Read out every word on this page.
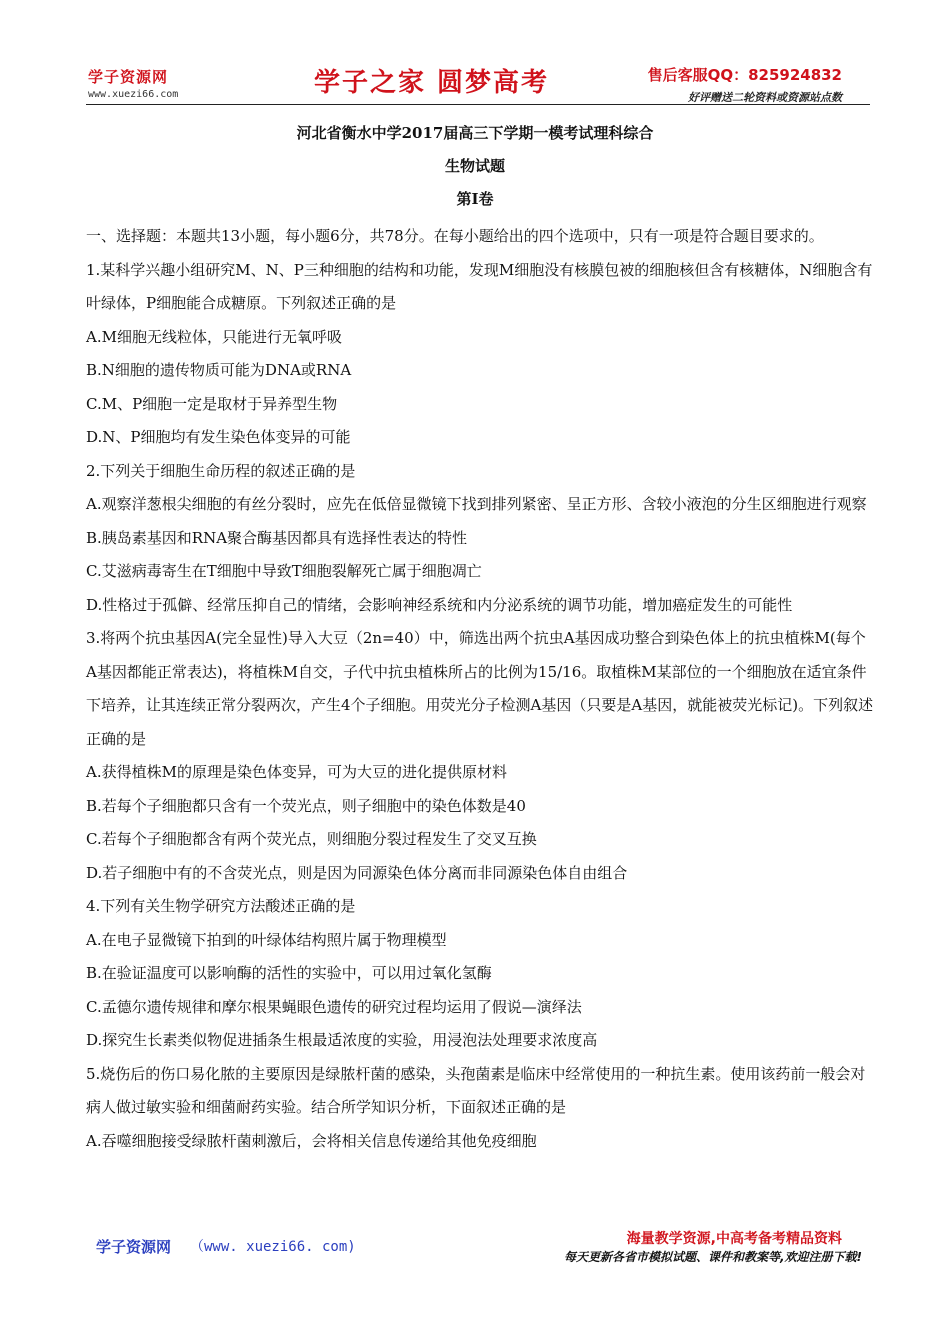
学子资源网
www.xuezi66.com	学子之家 圆梦高考	售后客服QQ：825924832
好评赠送二轮资料或资源站点数
河北省衡水中学2017届高三下学期一模考试理科综合
生物试题
第I卷

一、选择题：本题共13小题，每小题6分，共78分。在每小题给出的四个选项中，只有一项是符合题目要求的。

1.某科学兴趣小组研究M、N、P三种细胞的结构和功能，发现M细胞没有核膜包被的细胞核但含有核糖体，N细胞含有叶绿体，P细胞能合成糖原。下列叙述正确的是

A.M细胞无线粒体，只能进行无氧呼吸

B.N细胞的遗传物质可能为DNA或RNA

C.M、P细胞一定是取材于异养型生物

D.N、P细胞均有发生染色体变异的可能

2.下列关于细胞生命历程的叙述正确的是

A.观察洋葱根尖细胞的有丝分裂时，应先在低倍显微镜下找到排列紧密、呈正方形、含较小液泡的分生区细胞进行观察

B.胰岛素基因和RNA聚合酶基因都具有选择性表达的特性

C.艾滋病毒寄生在T细胞中导致T细胞裂解死亡属于细胞凋亡

D.性格过于孤僻、经常压抑自己的情绪，会影响神经系统和内分泌系统的调节功能，增加癌症发生的可能性

3.将两个抗虫基因A(完全显性)导入大豆（2n=40）中，筛选出两个抗虫A基因成功整合到染色体上的抗虫植株M(每个A基因都能正常表达)，将植株M自交，子代中抗虫植株所占的比例为15/16。取植株M某部位的一个细胞放在适宜条件下培养，让其连续正常分裂两次，产生4个子细胞。用荧光分子检测A基因（只要是A基因，就能被荧光标记)。下列叙述正确的是

A.获得植株M的原理是染色体变异，可为大豆的进化提供原材料

B.若每个子细胞都只含有一个荧光点，则子细胞中的染色体数是40

C.若每个子细胞都含有两个荧光点，则细胞分裂过程发生了交叉互换

D.若子细胞中有的不含荧光点，则是因为同源染色体分离而非同源染色体自由组合

4.下列有关生物学研究方法酸述正确的是

A.在电子显微镜下拍到的叶绿体结构照片属于物理模型

B.在验证温度可以影响酶的活性的实验中，可以用过氧化氢酶

C.孟德尔遗传规律和摩尔根果蝇眼色遗传的研究过程均运用了假说—演绎法

D.探究生长素类似物促进插条生根最适浓度的实验，用浸泡法处理要求浓度高

5.烧伤后的伤口易化脓的主要原因是绿脓杆菌的感染，头孢菌素是临床中经常使用的一种抗生素。使用该药前一般会对病人做过敏实验和细菌耐药实验。结合所学知识分析，下面叙述正确的是

A.吞噬细胞接受绿脓杆菌刺激后，会将相关信息传递给其他免疫细胞

学子资源网 （www. xuezi66. com)	海量教学资源,中高考备考精品资料
每天更新各省市模拟试题、课件和教案等,欢迎注册下载!
